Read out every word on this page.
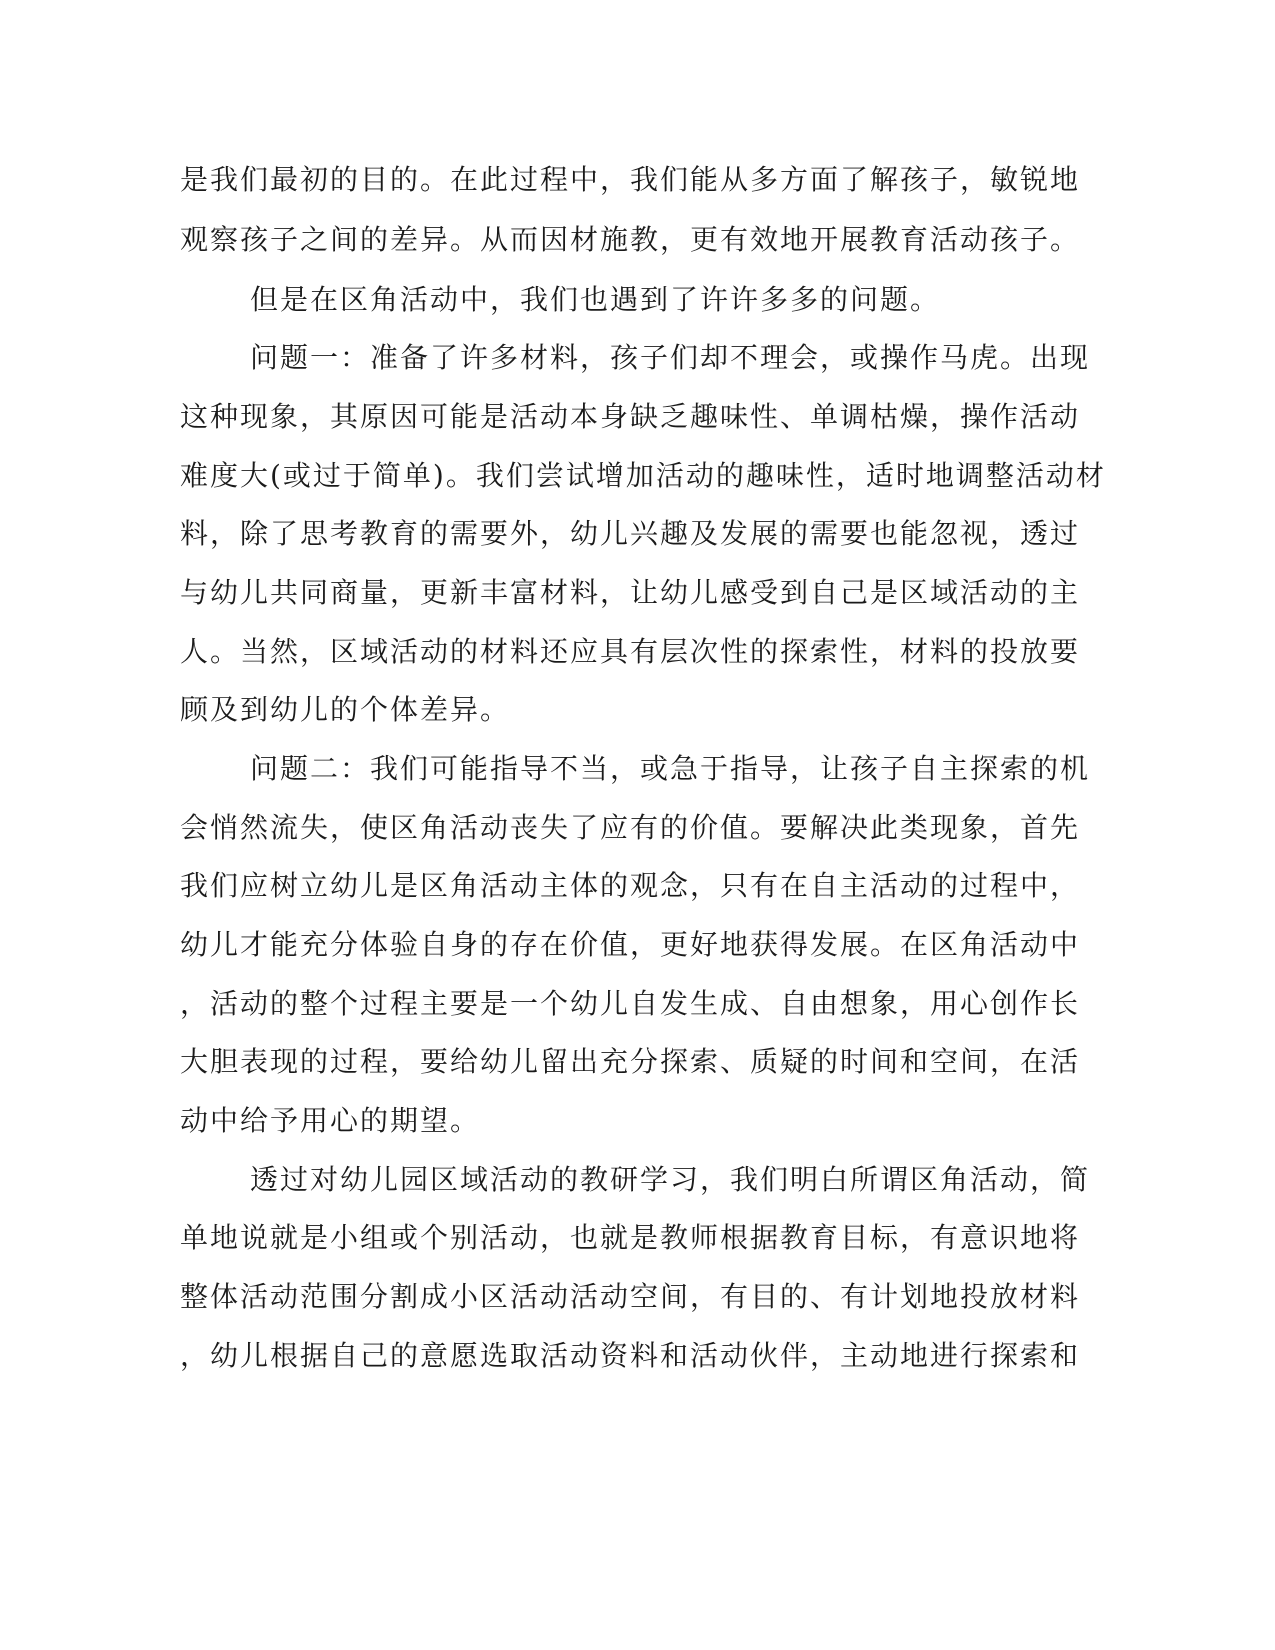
是我们最初的目的。在此过程中，我们能从多方面了解孩子，敏锐地
观察孩子之间的差异。从而因材施教，更有效地开展教育活动孩子。
但是在区角活动中，我们也遇到了许许多多的问题。
问题一：准备了许多材料，孩子们却不理会，或操作马虎。出现
这种现象，其原因可能是活动本身缺乏趣味性、单调枯燥，操作活动
难度大(或过于简单)。我们尝试增加活动的趣味性，适时地调整活动材
料，除了思考教育的需要外，幼儿兴趣及发展的需要也能忽视，透过
与幼儿共同商量，更新丰富材料，让幼儿感受到自己是区域活动的主
人。当然，区域活动的材料还应具有层次性的探索性，材料的投放要
顾及到幼儿的个体差异。
问题二：我们可能指导不当，或急于指导，让孩子自主探索的机
会悄然流失，使区角活动丧失了应有的价值。要解决此类现象，首先
我们应树立幼儿是区角活动主体的观念，只有在自主活动的过程中，
幼儿才能充分体验自身的存在价值，更好地获得发展。在区角活动中
，活动的整个过程主要是一个幼儿自发生成、自由想象，用心创作长
大胆表现的过程，要给幼儿留出充分探索、质疑的时间和空间，在活
动中给予用心的期望。
透过对幼儿园区域活动的教研学习，我们明白所谓区角活动，简
单地说就是小组或个别活动，也就是教师根据教育目标，有意识地将
整体活动范围分割成小区活动活动空间，有目的、有计划地投放材料
，幼儿根据自己的意愿选取活动资料和活动伙伴，主动地进行探索和
